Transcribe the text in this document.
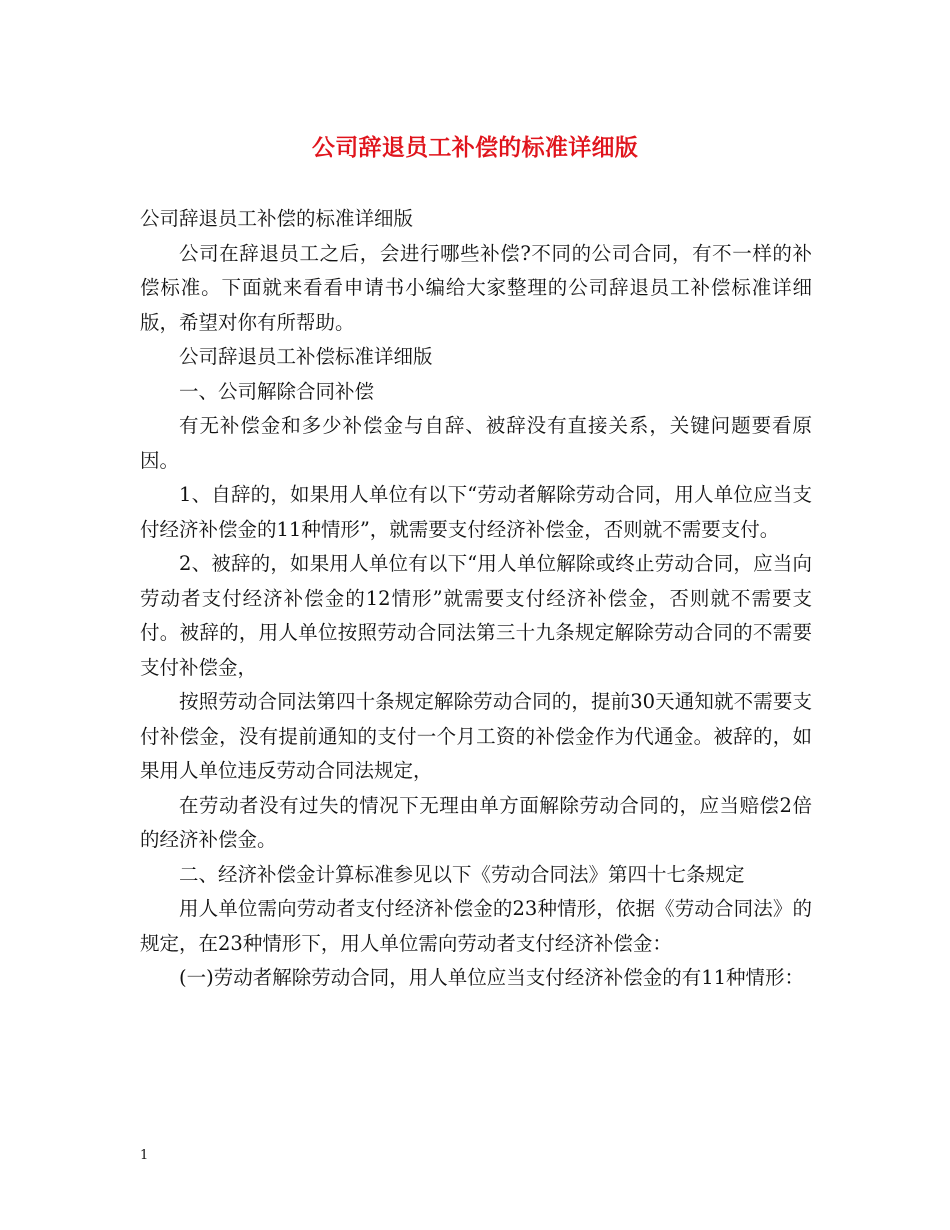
公司辞退员工补偿的标准详细版

公司辞退员工补偿的标准详细版

公司在辞退员工之后，会进行哪些补偿?不同的公司合同，有不一样的补偿标准。下面就来看看申请书小编给大家整理的公司辞退员工补偿标准详细版，希望对你有所帮助。

公司辞退员工补偿标准详细版

一、公司解除合同补偿

有无补偿金和多少补偿金与自辞、被辞没有直接关系，关键问题要看原因。

1、自辞的，如果用人单位有以下“劳动者解除劳动合同，用人单位应当支付经济补偿金的11种情形”，就需要支付经济补偿金，否则就不需要支付。

2、被辞的，如果用人单位有以下“用人单位解除或终止劳动合同，应当向劳动者支付经济补偿金的12情形”就需要支付经济补偿金，否则就不需要支付。被辞的，用人单位按照劳动合同法第三十九条规定解除劳动合同的不需要支付补偿金，

按照劳动合同法第四十条规定解除劳动合同的，提前30天通知就不需要支付补偿金，没有提前通知的支付一个月工资的补偿金作为代通金。被辞的，如果用人单位违反劳动合同法规定，

在劳动者没有过失的情况下无理由单方面解除劳动合同的，应当赔偿2倍的经济补偿金。

二、经济补偿金计算标准参见以下《劳动合同法》第四十七条规定

用人单位需向劳动者支付经济补偿金的23种情形，依据《劳动合同法》的规定，在23种情形下，用人单位需向劳动者支付经济补偿金：

(一)劳动者解除劳动合同，用人单位应当支付经济补偿金的有11种情形：

1
